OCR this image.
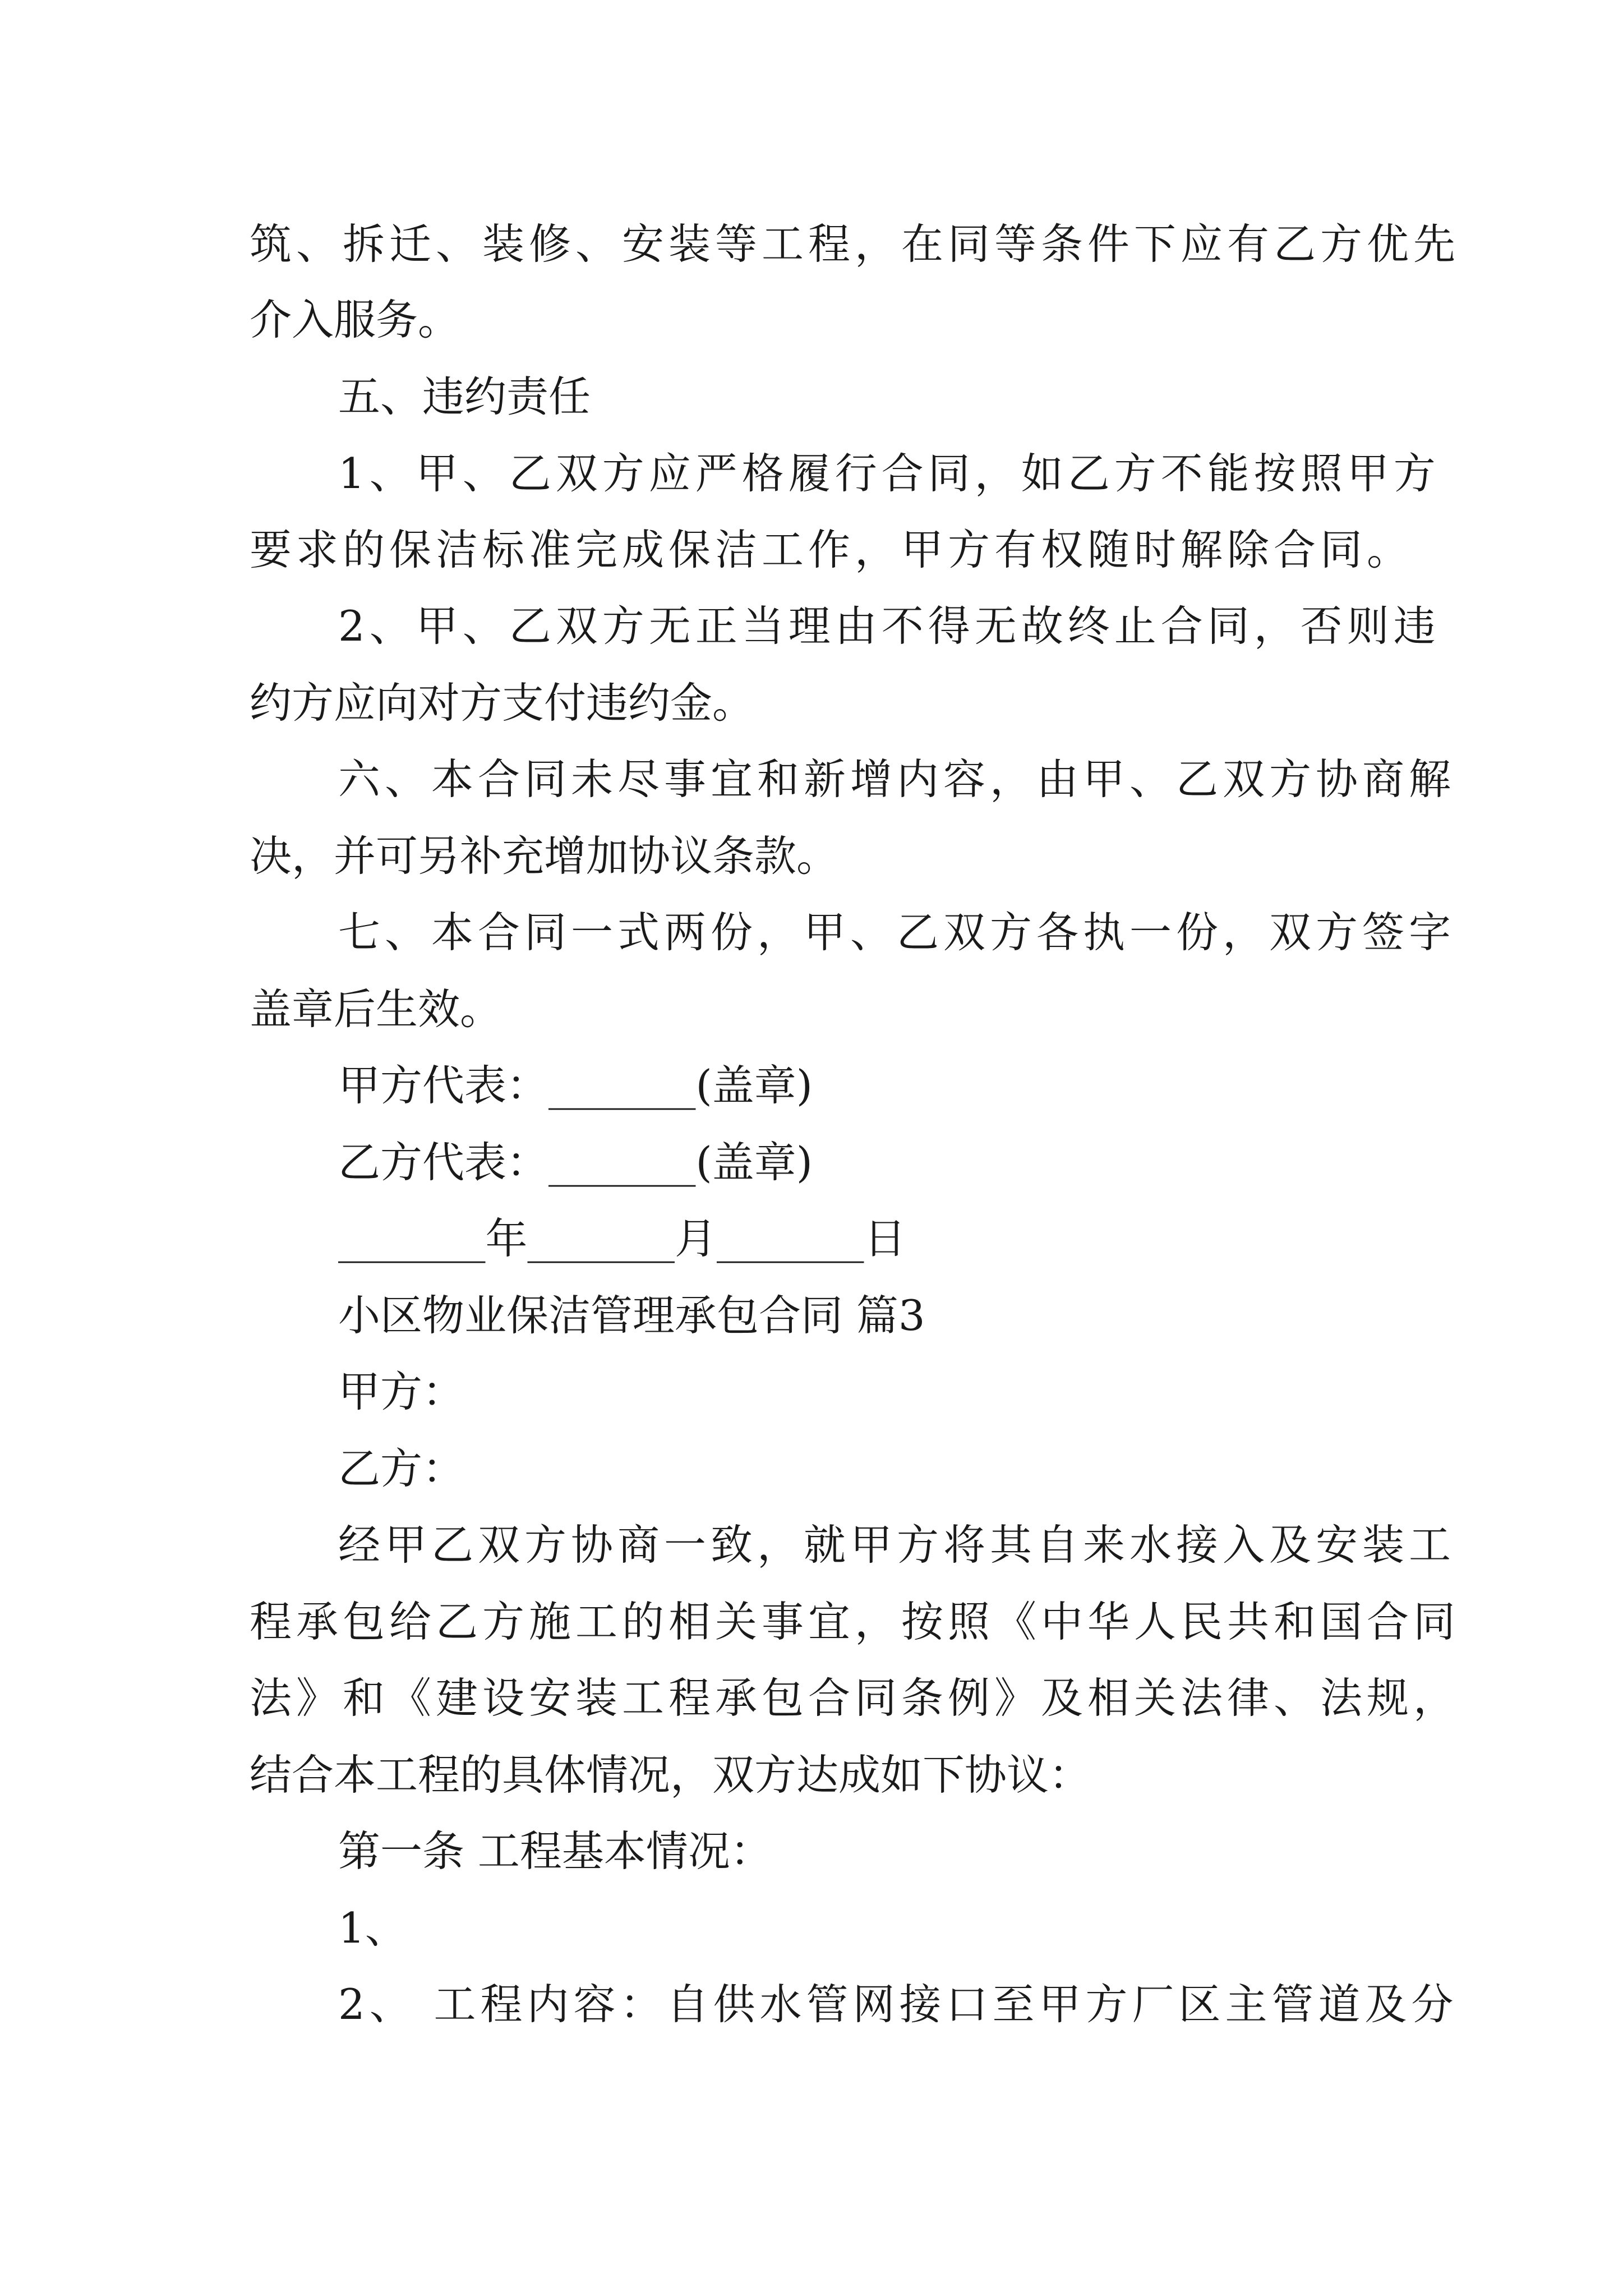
筑、拆迁、装修、安装等工程，在同等条件下应有乙方优先

介入服务。

五、违约责任

1、甲、乙双方应严格履行合同，如乙方不能按照甲方

要求的保洁标准完成保洁工作，甲方有权随时解除合同。

2、甲、乙双方无正当理由不得无故终止合同，否则违

约方应向对方支付违约金。

六、本合同未尽事宜和新增内容，由甲、乙双方协商解

决，并可另补充增加协议条款。

七、本合同一式两份，甲、乙双方各执一份，双方签字

盖章后生效。

甲方代表：_______(盖章)

乙方代表：_______(盖章)

_______年_______月_______日

小区物业保洁管理承包合同 篇3

甲方：

乙方：

经甲乙双方协商一致，就甲方将其自来水接入及安装工

程承包给乙方施工的相关事宜，按照《中华人民共和国合同

法》和《建设安装工程承包合同条例》及相关法律、法规，

结合本工程的具体情况，双方达成如下协议：

第一条 工程基本情况：

1、

2、 工程内容：自供水管网接口至甲方厂区主管道及分
